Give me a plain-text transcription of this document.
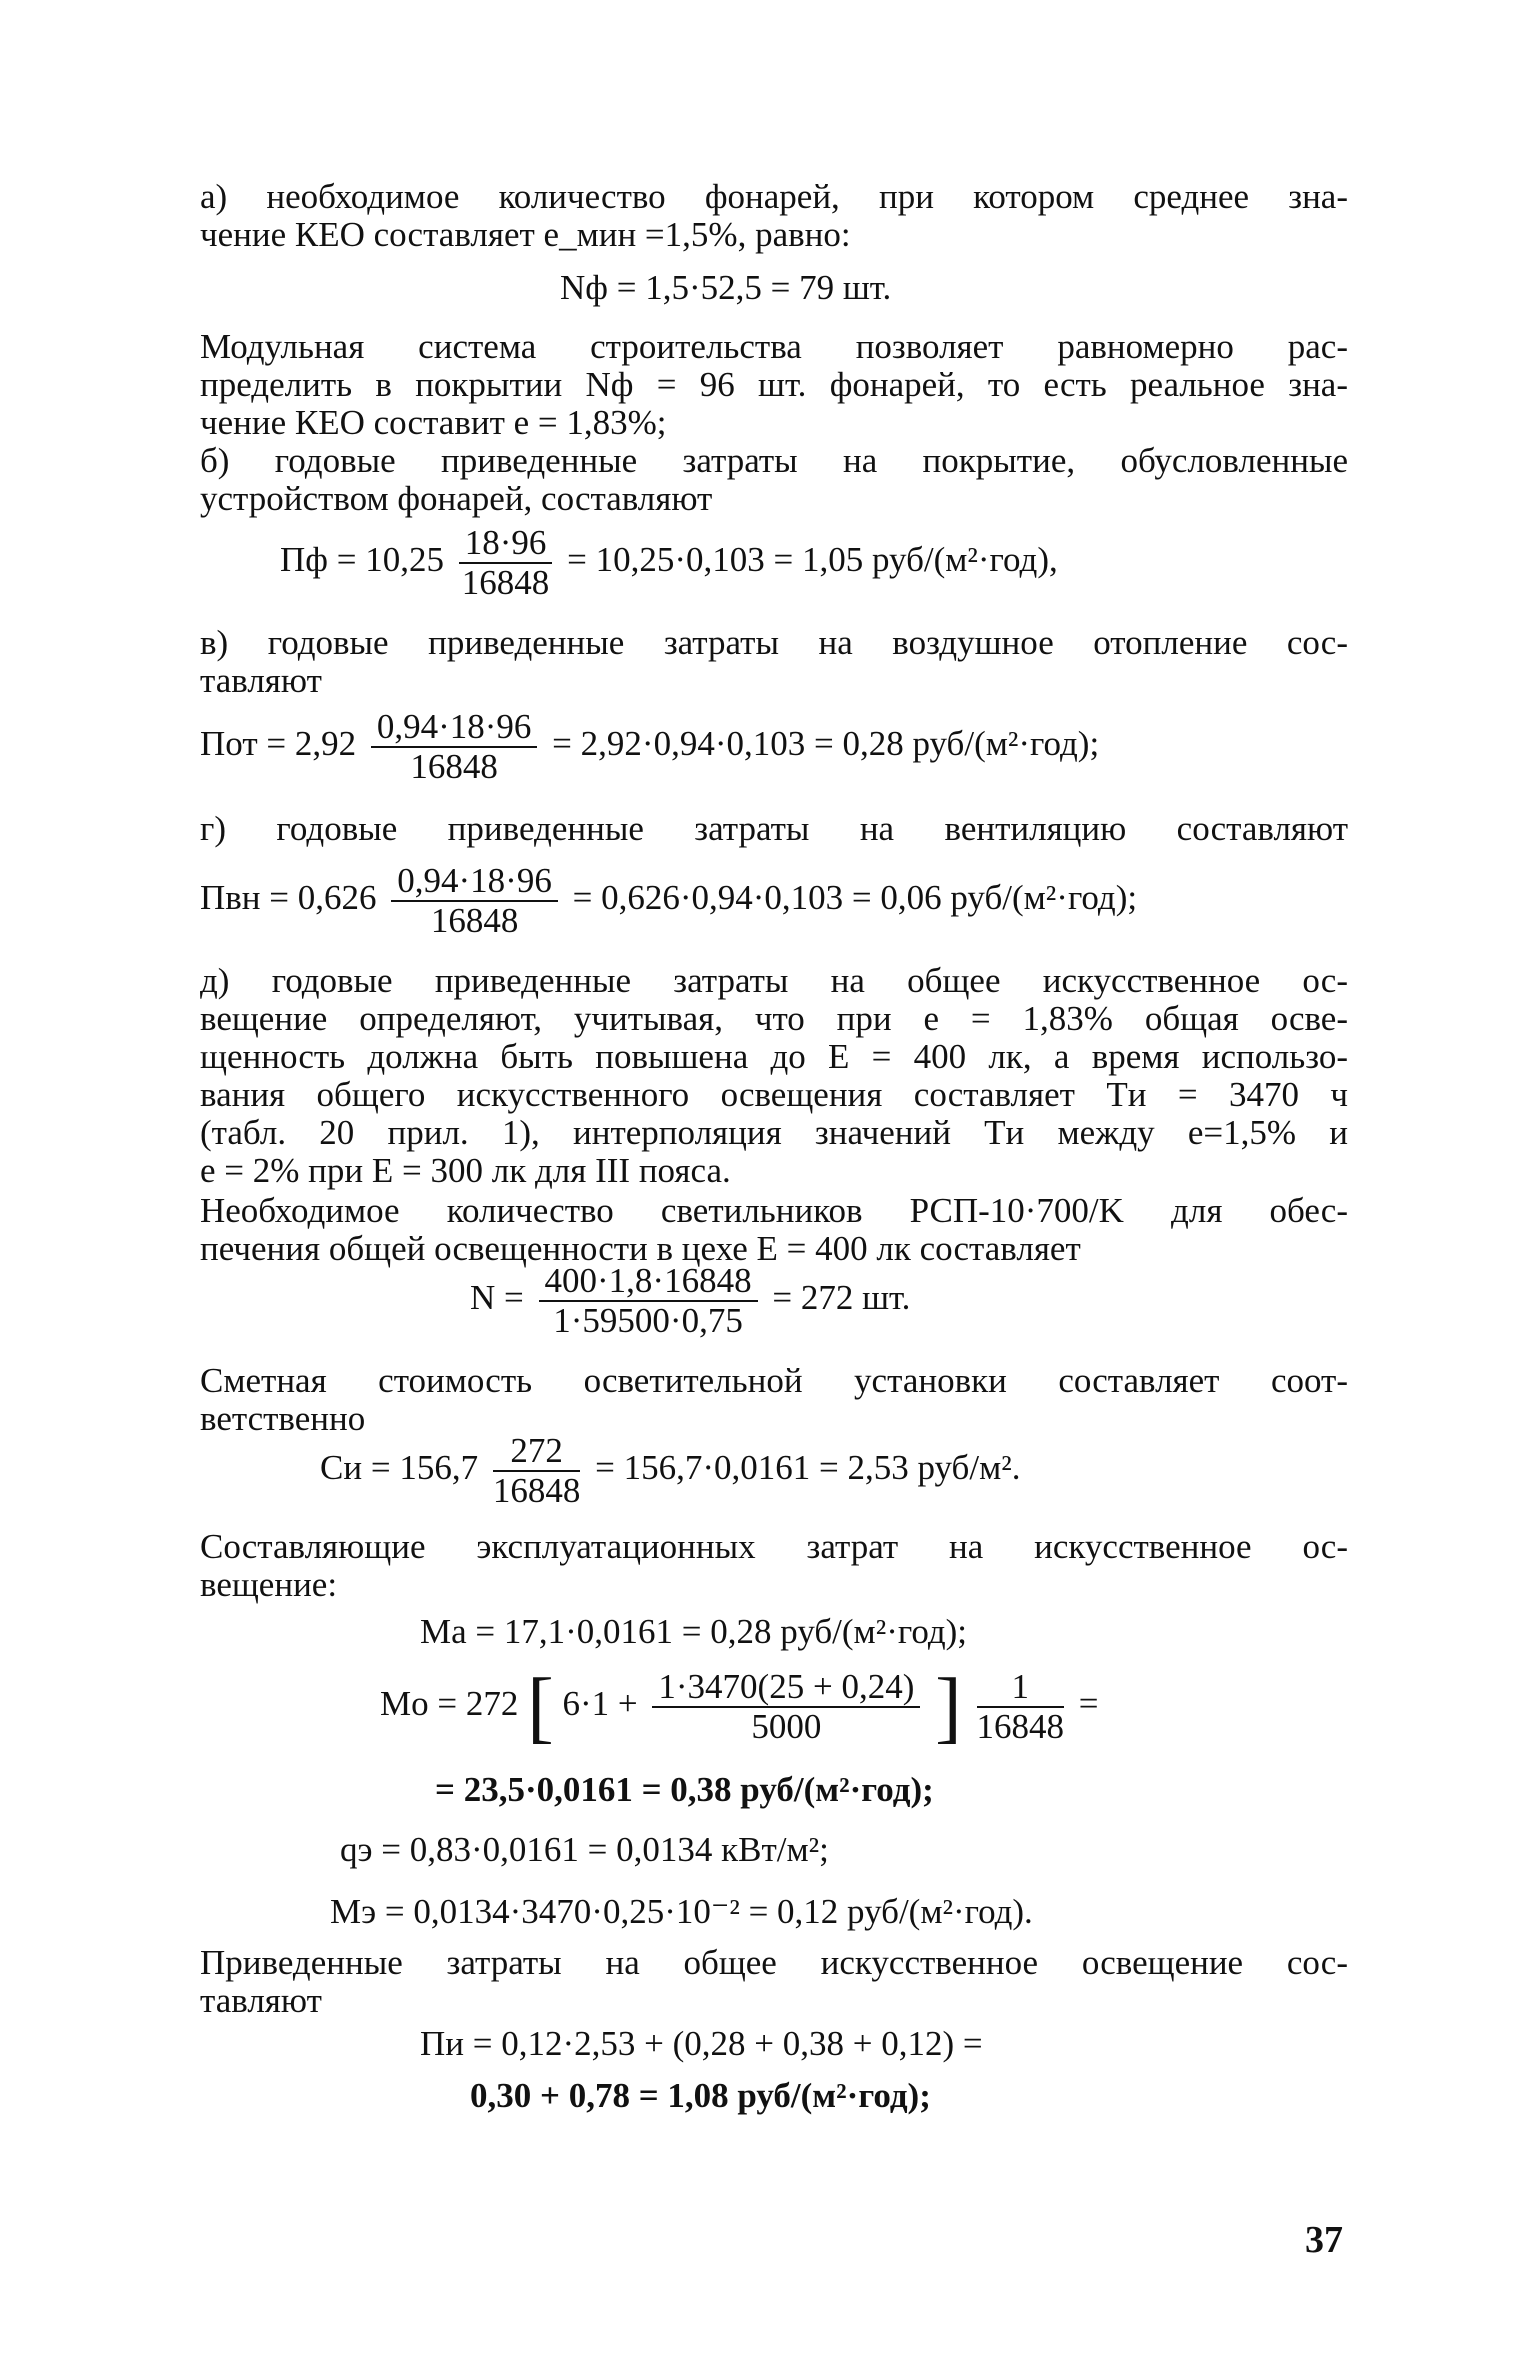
а) необходимое количество фонарей, при котором среднее зна-
чение КЕО составляет e_мин =1,5%, равно:

Nф = 1,5·52,5 = 79 шт.

Модульная система строительства позволяет равномерно рас-
пределить в покрытии Nф = 96 шт. фонарей, то есть реальное зна-
чение КЕО составит e = 1,83%;

б) годовые приведенные затраты на покрытие, обусловленные
устройством фонарей, составляют

Пф = $10,25 \frac{18\cdot 96}{16848} = 10,25\cdot 0,103 = 1,05$ руб/(м²·год),

в) годовые приведенные затраты на воздушное отопление сос-
тавляют

Пот = $2,92 \frac{0,94\cdot 18\cdot 96}{16848} = 2,92\cdot 0,94\cdot 0,103 = 0,28$ руб/(м²·год);

г) годовые приведенные затраты на вентиляцию составляют

Пвн = $0,626 \frac{0,94\cdot 18\cdot 96}{16848} = 0,626\cdot 0,94\cdot 0,103 = 0,06$ руб/(м²·год);

д) годовые приведенные затраты на общее искусственное ос-
вещение определяют, учитывая, что при e = 1,83% общая осве-
щенность должна быть повышена до E = 400 лк, а время использо-
вания общего искусственного освещения составляет Tи = 3470 ч
(табл. 20 прил. 1), интерполяция значений Tи между e=1,5% и
e = 2% при E = 300 лк для III пояса.

Необходимое количество светильников РСП-10·700/K для обес-
печения общей освещенности в цехе E = 400 лк составляет

$N = \frac{400\cdot 1,8\cdot 16848}{1\cdot 59500\cdot 0,75} = 272$ шт.

Сметная стоимость осветительной установки составляет соот-
ветственно

Cи = $156,7 \frac{272}{16848} = 156,7\cdot 0,0161 = 2,53$ руб/м².

Составляющие эксплуатационных затрат на искусственное ос-
вещение:

Mа = 17,1·0,0161 = 0,28 руб/(м²·год);
Mо = 272 [ $6\cdot 1 + \frac{1\cdot 3470(25 + 0,24)}{5000}$ ] $\frac{1}{16848}$ =
= 23,5·0,0161 = 0,38 руб/(м²·год);
qэ = 0,83·0,0161 = 0,0134 кВт/м²;
Mэ = 0,0134·3470·0,25·10⁻² = 0,12 руб/(м²·год).

Приведенные затраты на общее искусственное освещение сос-
тавляют

Пи = 0,12·2,53 + (0,28 + 0,38 + 0,12) =
0,30 + 0,78 = 1,08 руб/(м²·год);
37
